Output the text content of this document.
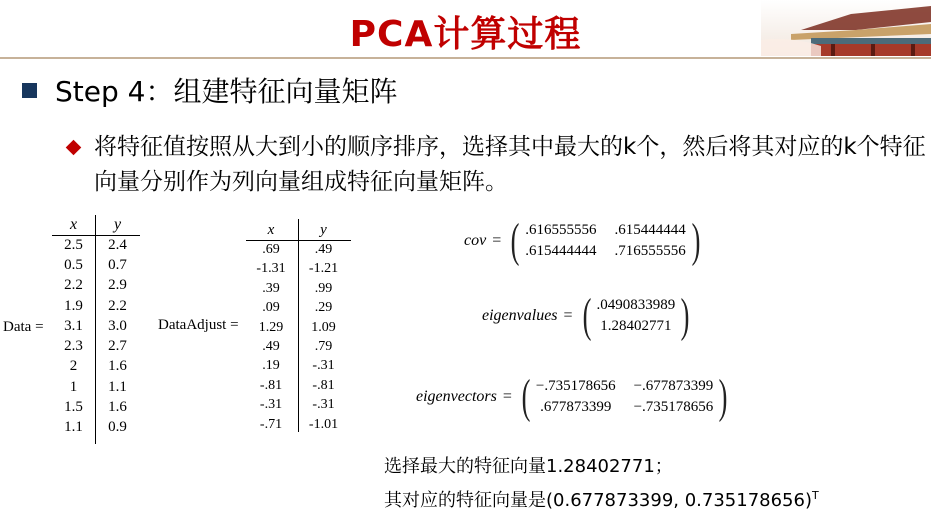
PCA计算过程
Step 4：组建特征向量矩阵
将特征值按照从大到小的顺序排序，选择其中最大的k个，然后将其对应的k个特征向量分别作为列向量组成特征向量矩阵。
Data =
x	y
2.5	2.4
0.5	0.7
2.2	2.9
1.9	2.2
3.1	3.0
2.3	2.7
2	1.6
1	1.1
1.5	1.6
1.1	0.9
DataAdjust =
x	y
.69	.49
-1.31	-1.21
.39	.99
.09	.29
1.29	1.09
.49	.79
.19	-.31
-.81	-.81
-.31	-.31
-.71	-1.01
cov = ( .616555556 .615444444
.615444444 .716555556 )
eigenvalues = ( .0490833989
1.28402771 )
eigenvectors = ( −.735178656 −.677873399
.677873399 −.735178656 )
选择最大的特征向量1.28402771；
其对应的特征向量是(0.677873399, 0.735178656)$^T$
